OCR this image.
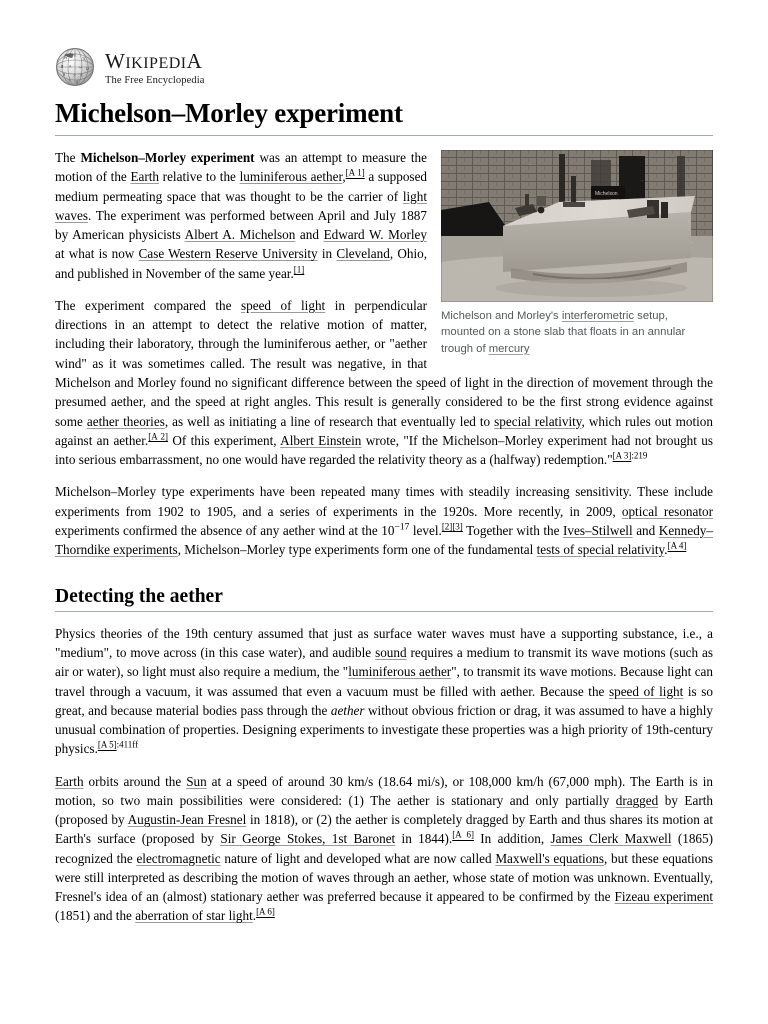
W E
文
Я д ن Ω
ಕ ア א
ᚠ ह
WIKIPEDIA
The Free Encyclopedia
Michelson–Morley experiment
Michelson
Michelson and Morley's interferometric setup, mounted on a stone slab that floats in an annular trough of mercury

The Michelson–Morley experiment was an attempt to measure the motion of the Earth relative to the luminiferous aether,[A 1] a supposed medium permeating space that was thought to be the carrier of light waves. The experiment was performed between April and July 1887 by American physicists Albert A. Michelson and Edward W. Morley at what is now Case Western Reserve University in Cleveland, Ohio, and published in November of the same year.[1]

The experiment compared the speed of light in perpendicular directions in an attempt to detect the relative motion of matter, including their laboratory, through the luminiferous aether, or "aether wind" as it was sometimes called. The result was negative, in that Michelson and Morley found no significant difference between the speed of light in the direction of movement through the presumed aether, and the speed at right angles. This result is generally considered to be the first strong evidence against some aether theories, as well as initiating a line of research that eventually led to special relativity, which rules out motion against an aether.[A 2] Of this experiment, Albert Einstein wrote, "If the Michelson–Morley experiment had not brought us into serious embarrassment, no one would have regarded the relativity theory as a (halfway) redemption."$^{[A 3]:219}$

Michelson–Morley type experiments have been repeated many times with steadily increasing sensitivity. These include experiments from 1902 to 1905, and a series of experiments in the 1920s. More recently, in 2009, optical resonator experiments confirmed the absence of any aether wind at the $10^{-17}$ level.[2][3] Together with the Ives–Stilwell and Kennedy–Thorndike experiments, Michelson–Morley type experiments form one of the fundamental tests of special relativity.[A 4]

Detecting the aether

Physics theories of the 19th century assumed that just as surface water waves must have a supporting substance, i.e., a "medium", to move across (in this case water), and audible sound requires a medium to transmit its wave motions (such as air or water), so light must also require a medium, the "luminiferous aether", to transmit its wave motions. Because light can travel through a vacuum, it was assumed that even a vacuum must be filled with aether. Because the speed of light is so great, and because material bodies pass through the aether without obvious friction or drag, it was assumed to have a highly unusual combination of properties. Designing experiments to investigate these properties was a high priority of 19th-century physics.$^{[A 5]:411ff}$

Earth orbits around the Sun at a speed of around 30 km/s (18.64 mi/s), or 108,000 km/h (67,000 mph). The Earth is in motion, so two main possibilities were considered: (1) The aether is stationary and only partially dragged by Earth (proposed by Augustin-Jean Fresnel in 1818), or (2) the aether is completely dragged by Earth and thus shares its motion at Earth's surface (proposed by Sir George Stokes, 1st Baronet in 1844).[A 6] In addition, James Clerk Maxwell (1865) recognized the electromagnetic nature of light and developed what are now called Maxwell's equations, but these equations were still interpreted as describing the motion of waves through an aether, whose state of motion was unknown. Eventually, Fresnel's idea of an (almost) stationary aether was preferred because it appeared to be confirmed by the Fizeau experiment (1851) and the aberration of star light.[A 6]
